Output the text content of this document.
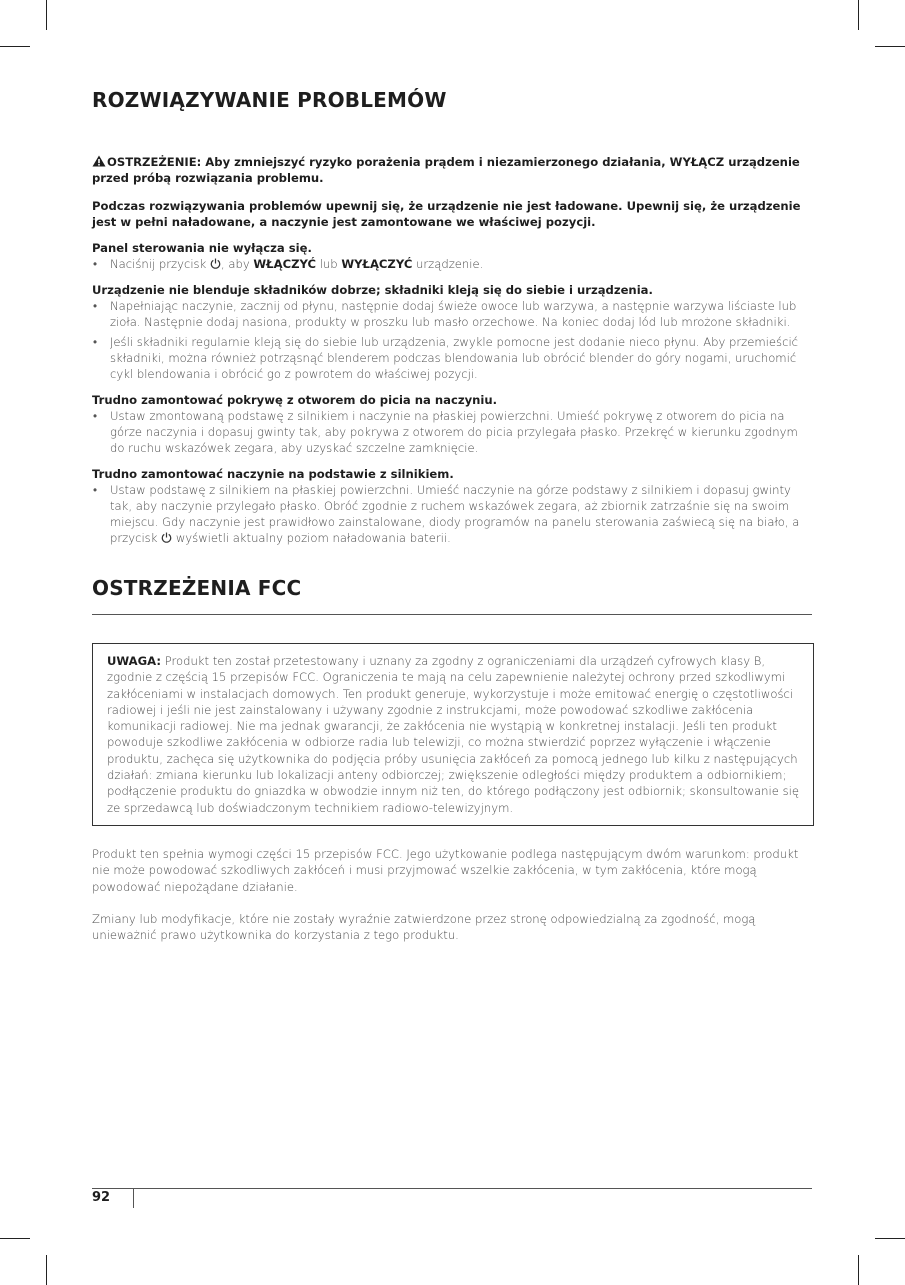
ROZWIĄZYWANIE PROBLEMÓW
OSTRZEŻENIE: Aby zmniejszyć ryzyko porażenia prądem i niezamierzonego działania, WYŁĄCZ urządzenie przed próbą rozwiązania problemu.
Podczas rozwiązywania problemów upewnij się, że urządzenie nie jest ładowane. Upewnij się, że urządzenie jest w pełni naładowane, a naczynie jest zamontowane we właściwej pozycji.
Panel sterowania nie wyłącza się.
• Naciśnij przycisk , aby WŁĄCZYĆ lub WYŁĄCZYĆ urządzenie.
Urządzenie nie blenduje składników dobrze; składniki kleją się do siebie i urządzenia.
• Napełniając naczynie, zacznij od płynu, następnie dodaj świeże owoce lub warzywa, a następnie warzywa liściaste lub zioła. Następnie dodaj nasiona, produkty w proszku lub masło orzechowe. Na koniec dodaj lód lub mrożone składniki.
• Jeśli składniki regularnie kleją się do siebie lub urządzenia, zwykle pomocne jest dodanie nieco płynu. Aby przemieścić składniki, można również potrząsnąć blenderem podczas blendowania lub obrócić blender do góry nogami, uruchomić cykl blendowania i obrócić go z powrotem do właściwej pozycji.
Trudno zamontować pokrywę z otworem do picia na naczyniu.
• Ustaw zmontowaną podstawę z silnikiem i naczynie na płaskiej powierzchni. Umieść pokrywę z otworem do picia na górze naczynia i dopasuj gwinty tak, aby pokrywa z otworem do picia przylegała płasko. Przekręć w kierunku zgodnym do ruchu wskazówek zegara, aby uzyskać szczelne zamknięcie.
Trudno zamontować naczynie na podstawie z silnikiem.
• Ustaw podstawę z silnikiem na płaskiej powierzchni. Umieść naczynie na górze podstawy z silnikiem i dopasuj gwinty tak, aby naczynie przylegało płasko. Obróć zgodnie z ruchem wskazówek zegara, aż zbiornik zatrzaśnie się na swoim miejscu. Gdy naczynie jest prawidłowo zainstalowane, diody programów na panelu sterowania zaświecą się na biało, a przycisk wyświetli aktualny poziom naładowania baterii.
OSTRZEŻENIA FCC
UWAGA: Produkt ten został przetestowany i uznany za zgodny z ograniczeniami dla urządzeń cyfrowych klasy B, zgodnie z częścią 15 przepisów FCC. Ograniczenia te mają na celu zapewnienie należytej ochrony przed szkodliwymi zakłóceniami w instalacjach domowych. Ten produkt generuje, wykorzystuje i może emitować energię o częstotliwości radiowej i jeśli nie jest zainstalowany i używany zgodnie z instrukcjami, może powodować szkodliwe zakłócenia komunikacji radiowej. Nie ma jednak gwarancji, że zakłócenia nie wystąpią w konkretnej instalacji. Jeśli ten produkt powoduje szkodliwe zakłócenia w odbiorze radia lub telewizji, co można stwierdzić poprzez wyłączenie i włączenie produktu, zachęca się użytkownika do podjęcia próby usunięcia zakłóceń za pomocą jednego lub kilku z następujących działań: zmiana kierunku lub lokalizacji anteny odbiorczej; zwiększenie odległości między produktem a odbiornikiem; podłączenie produktu do gniazdka w obwodzie innym niż ten, do którego podłączony jest odbiornik; skonsultowanie się ze sprzedawcą lub doświadczonym technikiem radiowo-telewizyjnym.
Produkt ten spełnia wymogi części 15 przepisów FCC. Jego użytkowanie podlega następującym dwóm warunkom: produkt nie może powodować szkodliwych zakłóceń i musi przyjmować wszelkie zakłócenia, w tym zakłócenia, które mogą powodować niepożądane działanie.
Zmiany lub modyfikacje, które nie zostały wyraźnie zatwierdzone przez stronę odpowiedzialną za zgodność, mogą unieważnić prawo użytkownika do korzystania z tego produktu.
92
